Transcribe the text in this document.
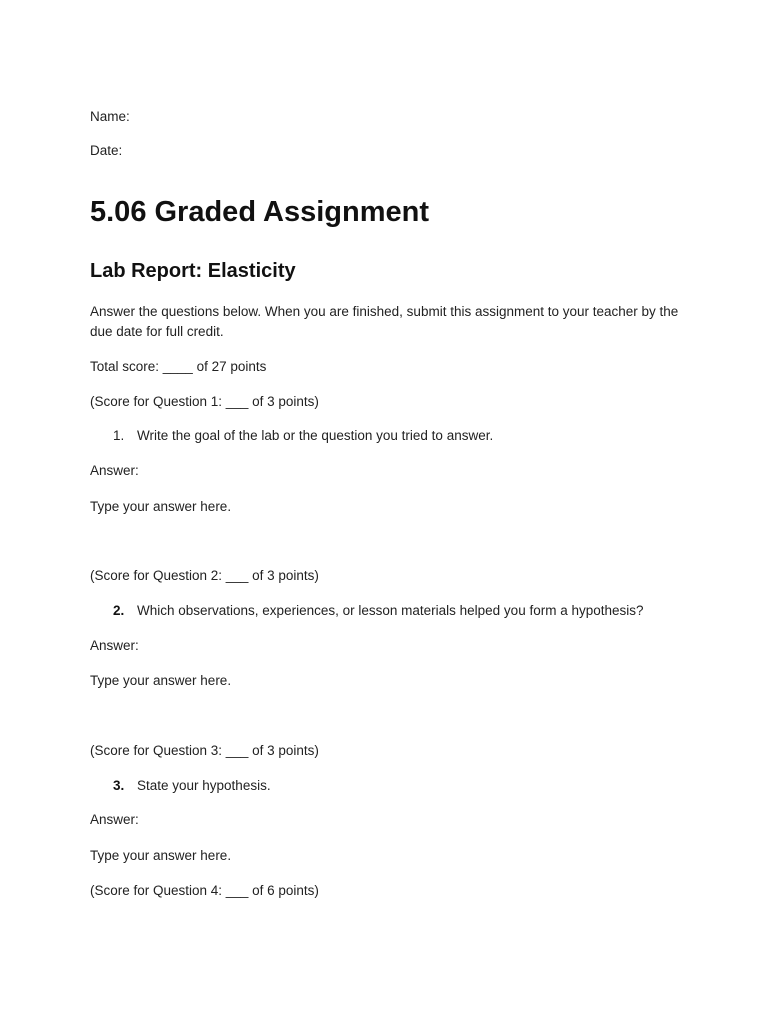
Name:
Date:
5.06 Graded Assignment
Lab Report: Elasticity
Answer the questions below. When you are finished, submit this assignment to your teacher by the due date for full credit.
Total score: ____ of 27 points
(Score for Question 1: ___ of 3 points)
1. Write the goal of the lab or the question you tried to answer.
Answer:
Type your answer here.
(Score for Question 2: ___ of 3 points)
2. Which observations, experiences, or lesson materials helped you form a hypothesis?
Answer:
Type your answer here.
(Score for Question 3: ___ of 3 points)
3. State your hypothesis.
Answer:
Type your answer here.
(Score for Question 4: ___ of 6 points)
